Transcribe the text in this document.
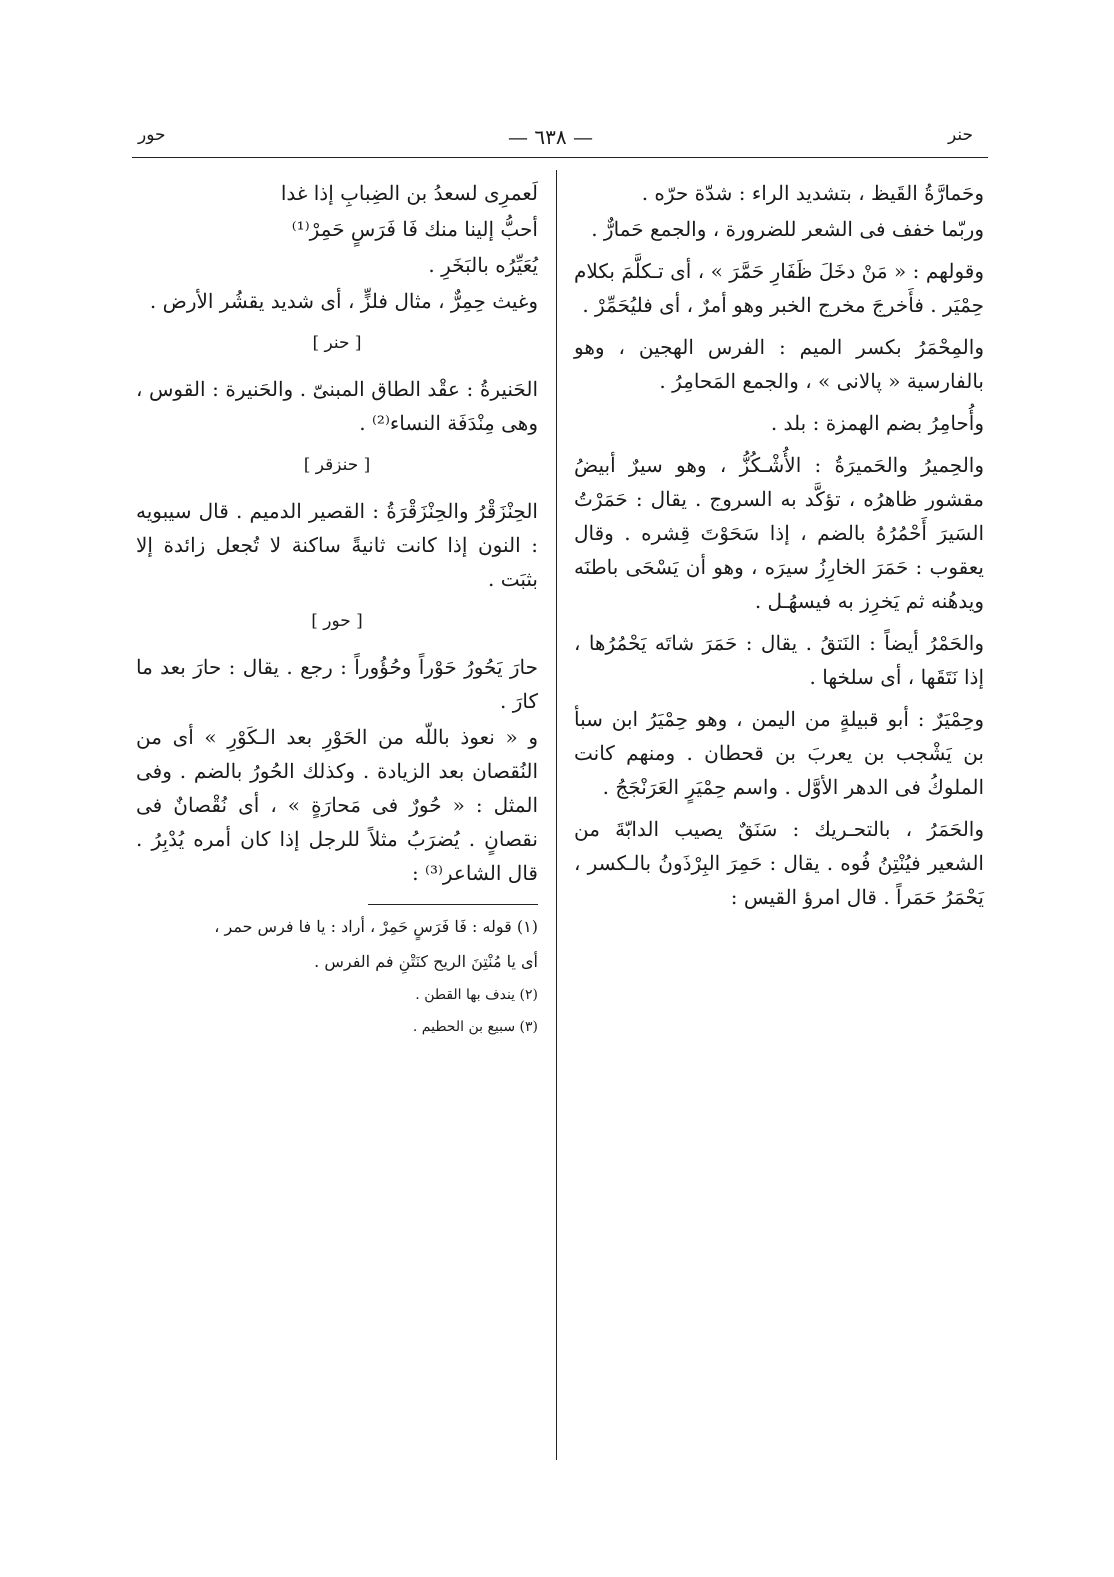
حور	— ٦٣٨ —	حنر

وحَمارَّةُ القَيظ ، بتشديد الراء : شدّة حرّه .

وربّما خفف فى الشعر للضرورة ، والجمع حَمارٌّ .

وقولهم : « مَنْ دخَلَ ظَفَارِ حَمَّرَ » ، أى تـكلَّمَ بكلام حِمْيَر . فأَخرجَ مخرج الخبر وهو أمرٌ ، أى فليُحَمِّرْ .

والمِحْمَرُ بكسر الميم : الفرس الهجين ، وهو بالفارسية « پالانى » ، والجمع المَحامِرُ .

وأُحامِرُ بضم الهمزة : بلد .

والحِميرُ والحَميرَةُ : الأُشْـكُزُّ ، وهو سيرٌ أبيضُ مقشور ظاهرُه ، تؤكَّد به السروج . يقال : حَمَرْتُ السَيرَ أَحْمُرُهُ بالضم ، إذا سَحَوْتَ قِشره . وقال يعقوب : حَمَرَ الخارِزُ سيرَه ، وهو أن يَسْحَى باطنَه ويدهُنه ثم يَخرِز به فيسهُـل .

والحَمْرُ أيضاً : النَتقُ . يقال : حَمَرَ شاتَه يَحْمُرُها ، إذا نَتَقَها ، أى سلخها .

وحِمْيَرٌ : أبو قبيلةٍ من اليمن ، وهو حِمْيَرُ ابن سبأ بن يَشْجب بن يعربَ بن قحطان . ومنهم كانت الملوكُ فى الدهر الأوَّل . واسم حِمْيَرٍ العَرَنْجَجُ .

والحَمَرُ ، بالتحـريك : سَنَقٌ يصيب الدابّةَ من الشعير فيُنْتِنُ فُوه . يقال : حَمِرَ البِرْذَونُ بالـكسر ، يَحْمَرُ حَمَراً . قال امرؤ القيس :

لَعمرِى لسعدُ بن الضِبابِ إذا غدا

أحبُّ إلينا منك فَا فَرَسٍ حَمِرْ⁽¹⁾

يُعَيِّرُه بالبَخَرِ .

وغيث حِمِرٌّ ، مثال فلزٍّ ، أى شديد يقشُر الأرض .

[ حنر ]

الحَنيرةُ : عقْد الطاق المبنىّ . والحَنيرة : القوس ، وهى مِنْدَفَة النساء⁽²⁾ .

[ حنزقر ]

الحِنْزَقْرُ والحِنْزَقْرَةُ : القصير الدميم . قال سيبويه : النون إذا كانت ثانيةً ساكنة لا تُجعل زائدة إلا بثبَت .

[ حور ]

حارَ يَحُورُ حَوْراً وحُؤُوراً : رجع . يقال : حارَ بعد ما كارَ .

و « نعوذ باللّه من الحَوْرِ بعد الـكَوْرِ » أى من النُقصان بعد الزيادة . وكذلك الحُورُ بالضم . وفى المثل : « حُورٌ فى مَحارَةٍ » ، أى نُقْصانٌ فى نقصانٍ . يُضرَبُ مثلاً للرجل إذا كان أمره يُدْبِرُ . قال الشاعر⁽³⁾ :

(١) قوله : فَا فَرَسٍ حَمِرْ ، أراد : يا فا فرس حمر ،

أى يا مُنْتِنَ الريح كنَتْنِ فم الفرس .

(٢) يندف بها القطن .

(٣) سبيع بن الحطيم .
